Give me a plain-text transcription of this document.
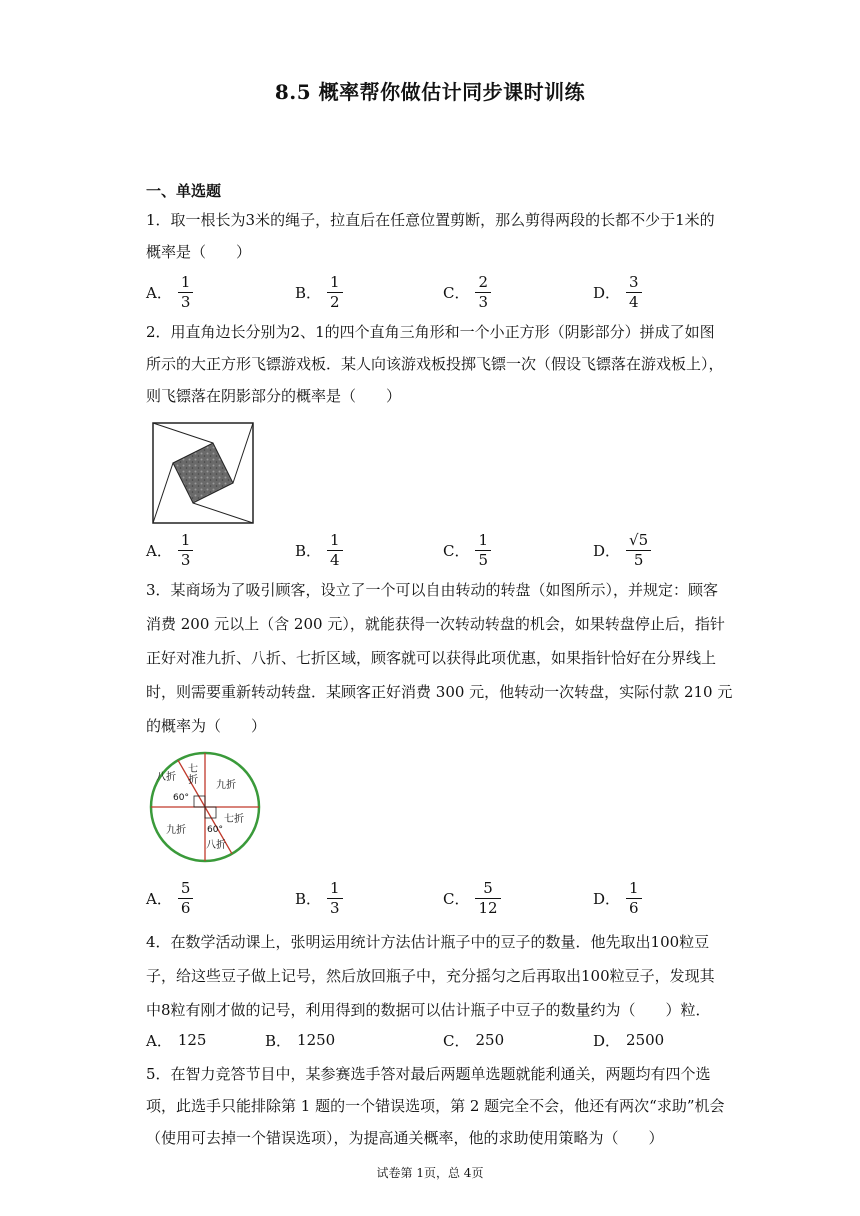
8.5 概率帮你做估计同步课时训练
一、单选题
1．取一根长为3米的绳子，拉直后在任意位置剪断，那么剪得两段的长都不少于1米的
概率是（　　）
A． $\frac{1}{3}$	B． $\frac{1}{2}$	C． $\frac{2}{3}$	D． $\frac{3}{4}$
2．用直角边长分别为2、1的四个直角三角形和一个小正方形（阴影部分）拼成了如图
所示的大正方形飞镖游戏板．某人向该游戏板投掷飞镖一次（假设飞镖落在游戏板上），
则飞镖落在阴影部分的概率是（　　）
A． $\frac{1}{3}$	B． $\frac{1}{4}$	C． $\frac{1}{5}$	D． $\frac{√5}{5}$
3．某商场为了吸引顾客，设立了一个可以自由转动的转盘（如图所示），并规定：顾客
消费 200 元以上（含 200 元），就能获得一次转动转盘的机会，如果转盘停止后，指针
正好对准九折、八折、七折区域，顾客就可以获得此项优惠，如果指针恰好在分界线上
时，则需要重新转动转盘．某顾客正好消费 300 元，他转动一次转盘，实际付款 210 元
的概率为（　　）
七
折
八折
60°
九折
九折
七折
60°
八折
A． $\frac{5}{6}$	B． $\frac{1}{3}$	C． $\frac{5}{12}$	D． $\frac{1}{6}$
4．在数学活动课上，张明运用统计方法估计瓶子中的豆子的数量．他先取出100粒豆
子，给这些豆子做上记号，然后放回瓶子中，充分摇匀之后再取出100粒豆子，发现其
中8粒有刚才做的记号，利用得到的数据可以估计瓶子中豆子的数量约为（　　）粒．
A． 125	B． 1250	C． 250	D． 2500
5．在智力竞答节目中，某参赛选手答对最后两题单选题就能利通关，两题均有四个选
项，此选手只能排除第 1 题的一个错误选项，第 2 题完全不会，他还有两次“求助”机会
（使用可去掉一个错误选项），为提高通关概率，他的求助使用策略为（　　）
试卷第 1页，总 4页
